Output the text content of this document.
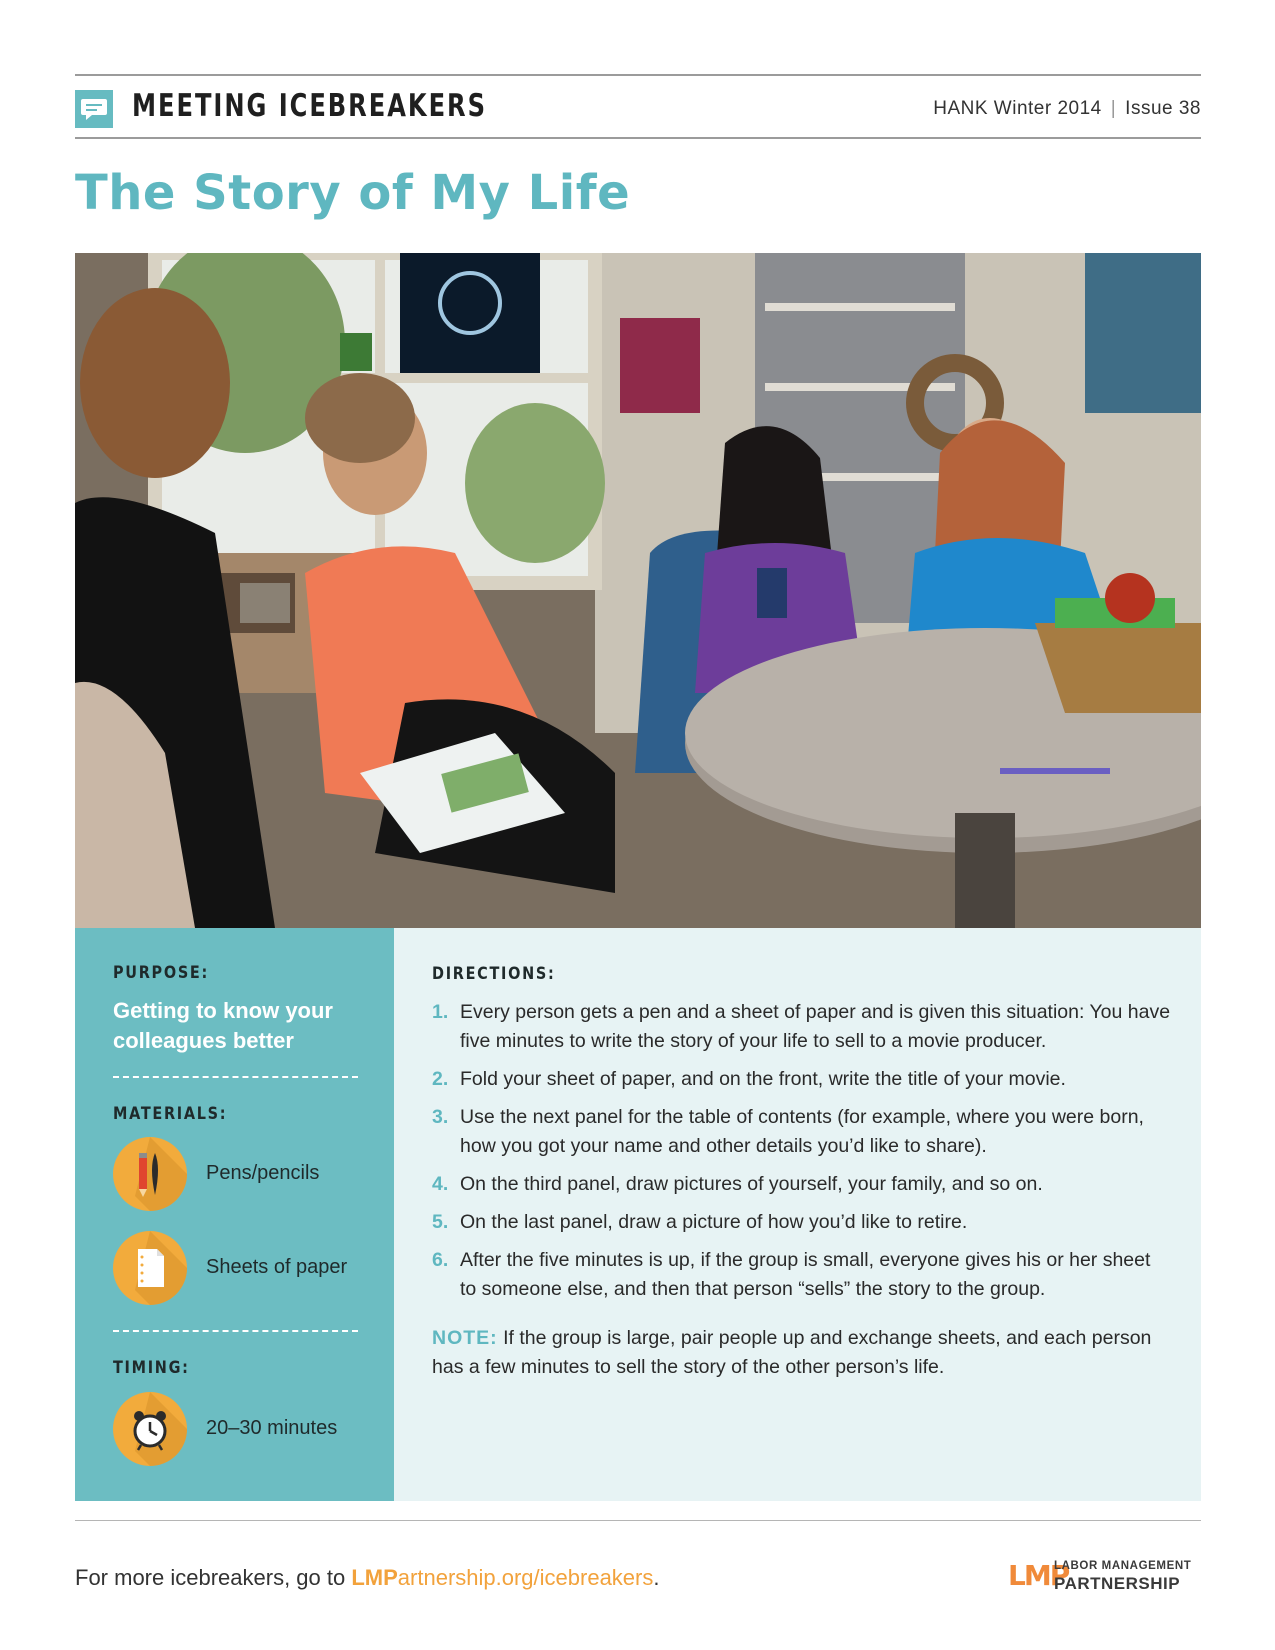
MEETING ICEBREAKERS	HANK Winter 2014 | Issue 38
The Story of My Life
PURPOSE:
Getting to know your colleagues better
MATERIALS:
Pens/pencils
Sheets of paper
TIMING:
20–30 minutes
DIRECTIONS:
1. Every person gets a pen and a sheet of paper and is given this situation: You have five minutes to write the story of your life to sell to a movie producer.
2. Fold your sheet of paper, and on the front, write the title of your movie.
3. Use the next panel for the table of contents (for example, where you were born, how you got your name and other details you’d like to share).
4. On the third panel, draw pictures of yourself, your family, and so on.
5. On the last panel, draw a picture of how you’d like to retire.
6. After the five minutes is up, if the group is small, everyone gives his or her sheet to someone else, and then that person “sells” the story to the group.
NOTE: If the group is large, pair people up and exchange sheets, and each person has a few minutes to sell the story of the other person’s life.
For more icebreakers, go to LMPartnership.org/icebreakers.	LMP
LABOR MANAGEMENT
PARTNERSHIP
